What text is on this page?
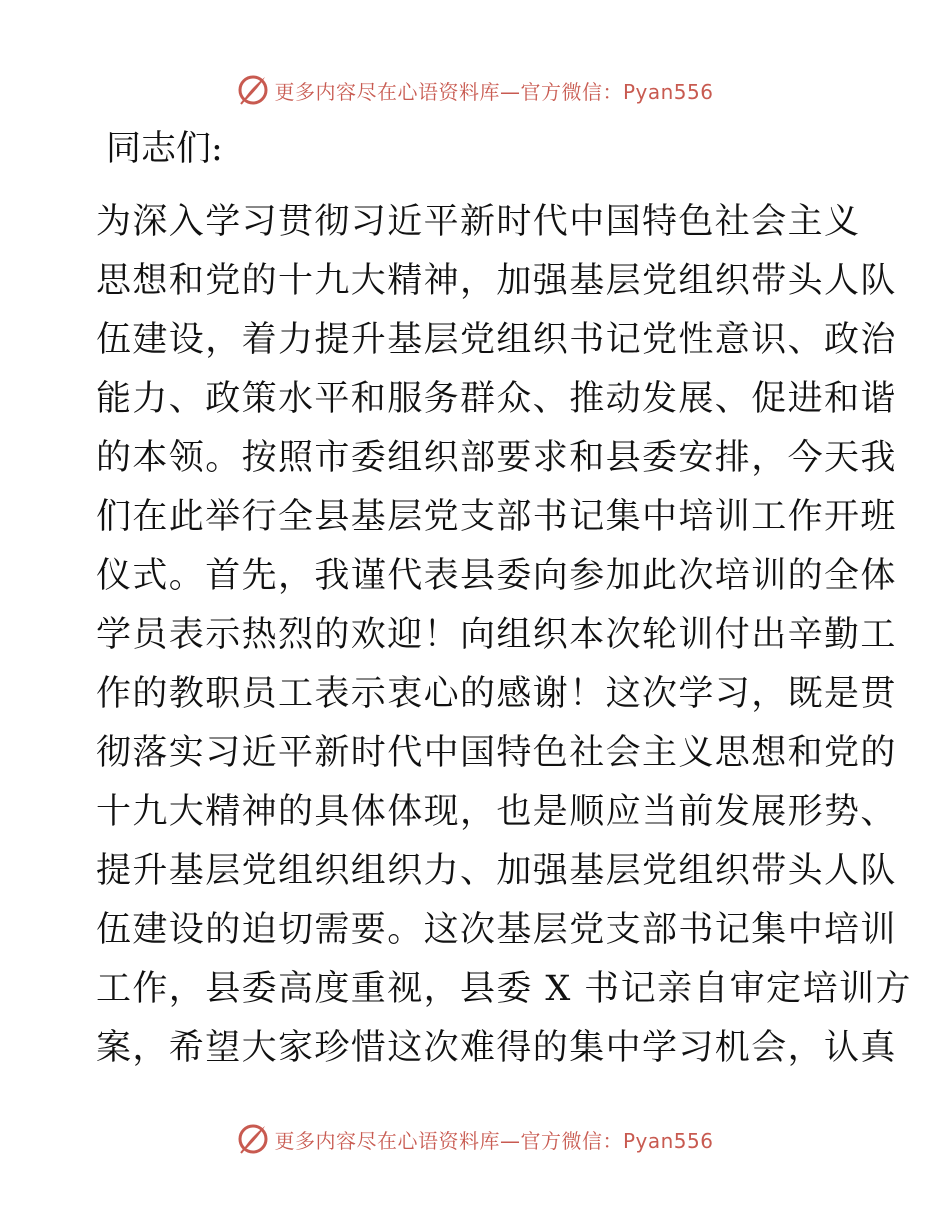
更多内容尽在心语资料库—官方微信：Pyan556

同志们:

为深入学习贯彻习近平新时代中国特色社会主义

思想和党的十九大精神，加强基层党组织带头人队

伍建设，着力提升基层党组织书记党性意识、政治

能力、政策水平和服务群众、推动发展、促进和谐

的本领。按照市委组织部要求和县委安排，今天我

们在此举行全县基层党支部书记集中培训工作开班

仪式。首先，我谨代表县委向参加此次培训的全体

学员表示热烈的欢迎！向组织本次轮训付出辛勤工

作的教职员工表示衷心的感谢！这次学习，既是贯

彻落实习近平新时代中国特色社会主义思想和党的

十九大精神的具体体现，也是顺应当前发展形势、

提升基层党组织组织力、加强基层党组织带头人队

伍建设的迫切需要。这次基层党支部书记集中培训

工作，县委高度重视，县委 X 书记亲自审定培训方

案，希望大家珍惜这次难得的集中学习机会，认真

更多内容尽在心语资料库—官方微信：Pyan556
